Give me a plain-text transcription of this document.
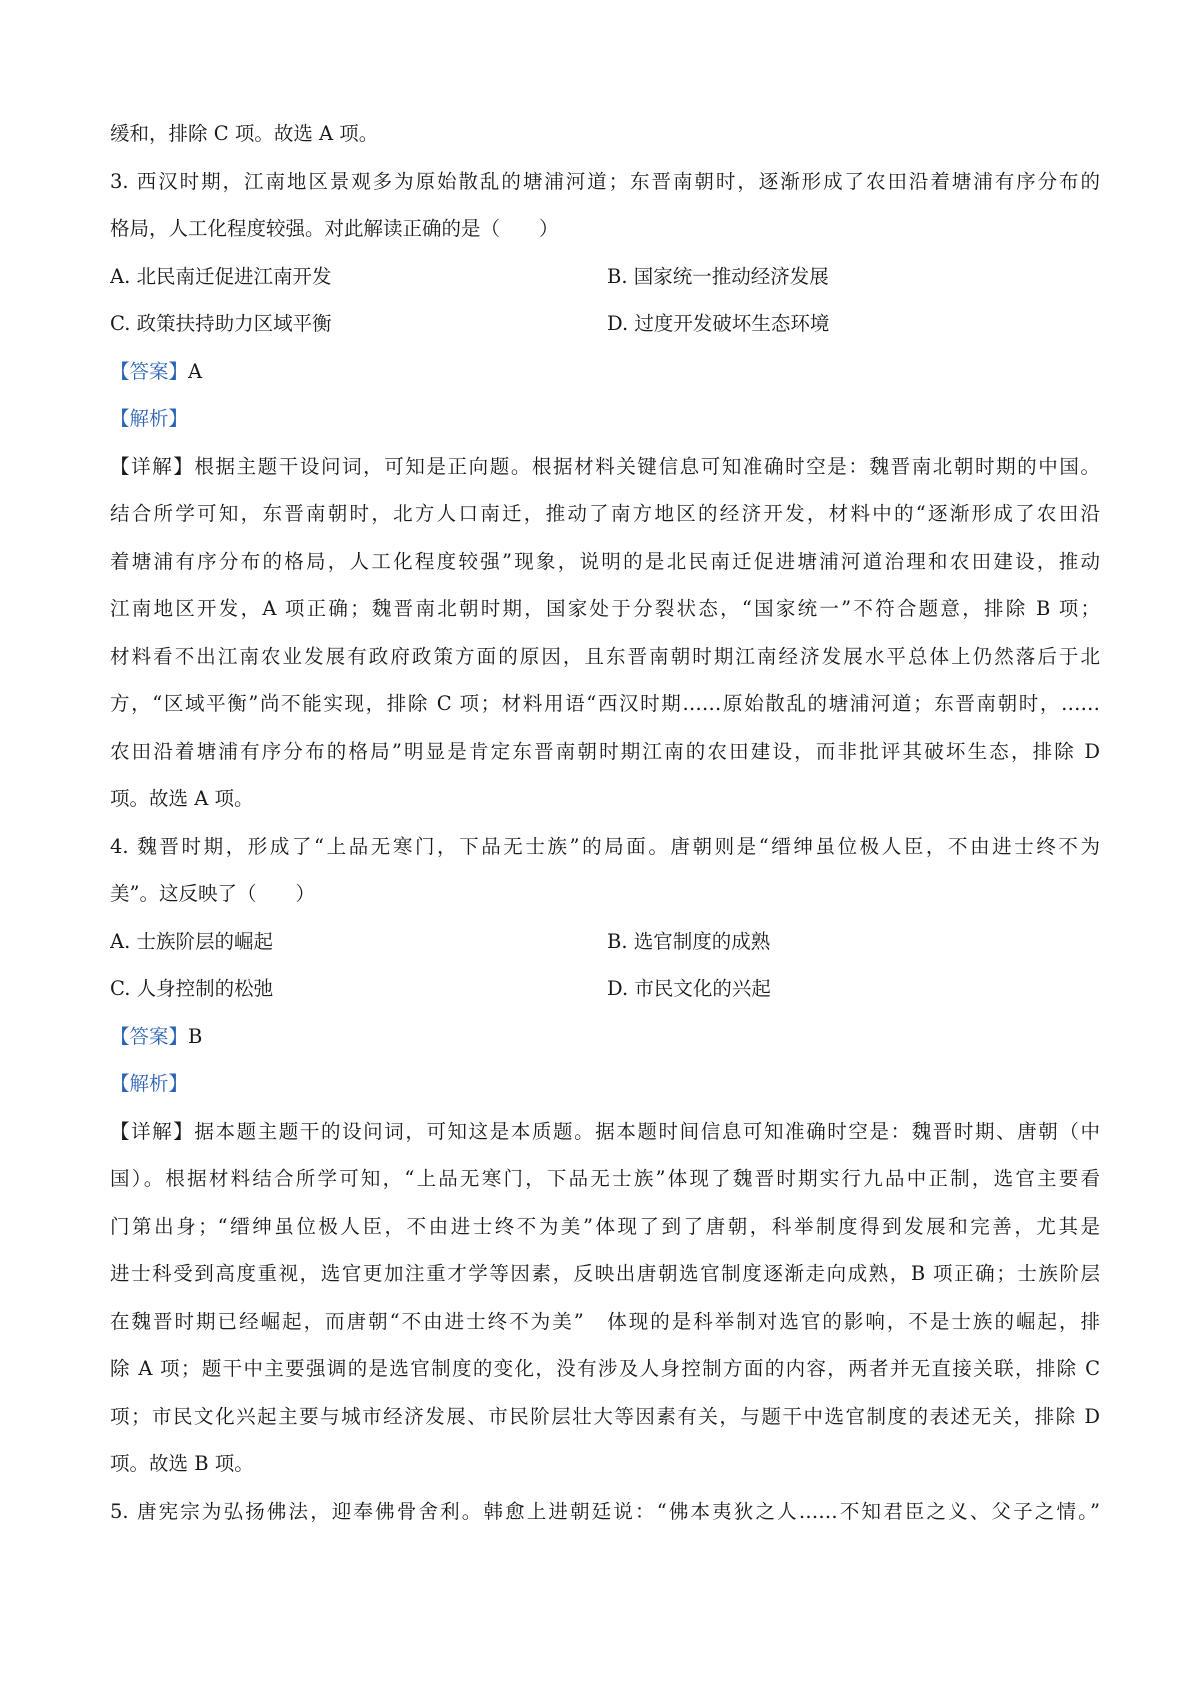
缓和，排除 C 项。故选 A 项。
3. 西汉时期，江南地区景观多为原始散乱的塘浦河道；东晋南朝时，逐渐形成了农田沿着塘浦有序分布的
格局，人工化程度较强。对此解读正确的是（　　）
A. 北民南迁促进江南开发	B. 国家统一推动经济发展
C. 政策扶持助力区域平衡	D. 过度开发破坏生态环境
【答案】A
【解析】
【详解】根据主题干设问词，可知是正向题。根据材料关键信息可知准确时空是：魏晋南北朝时期的中国。
结合所学可知，东晋南朝时，北方人口南迁，推动了南方地区的经济开发，材料中的“逐渐形成了农田沿
着塘浦有序分布的格局，人工化程度较强”现象，说明的是北民南迁促进塘浦河道治理和农田建设，推动
江南地区开发，A 项正确；魏晋南北朝时期，国家处于分裂状态，“国家统一”不符合题意，排除 B 项；
材料看不出江南农业发展有政府政策方面的原因，且东晋南朝时期江南经济发展水平总体上仍然落后于北
方，“区域平衡”尚不能实现，排除 C 项；材料用语“西汉时期……原始散乱的塘浦河道；东晋南朝时，……
农田沿着塘浦有序分布的格局”明显是肯定东晋南朝时期江南的农田建设，而非批评其破坏生态，排除 D
项。故选 A 项。
4. 魏晋时期，形成了“上品无寒门，下品无士族”的局面。唐朝则是“缙绅虽位极人臣，不由进士终不为
美”。这反映了（　　）
A. 士族阶层的崛起	B. 选官制度的成熟
C. 人身控制的松弛	D. 市民文化的兴起
【答案】B
【解析】
【详解】据本题主题干的设问词，可知这是本质题。据本题时间信息可知准确时空是：魏晋时期、唐朝（中
国）。根据材料结合所学可知，“上品无寒门，下品无士族”体现了魏晋时期实行九品中正制，选官主要看
门第出身；“缙绅虽位极人臣，不由进士终不为美”体现了到了唐朝，科举制度得到发展和完善，尤其是
进士科受到高度重视，选官更加注重才学等因素，反映出唐朝选官制度逐渐走向成熟，B 项正确；士族阶层
在魏晋时期已经崛起，而唐朝“不由进士终不为美”　体现的是科举制对选官的影响，不是士族的崛起，排
除 A 项；题干中主要强调的是选官制度的变化，没有涉及人身控制方面的内容，两者并无直接关联，排除 C
项；市民文化兴起主要与城市经济发展、市民阶层壮大等因素有关，与题干中选官制度的表述无关，排除 D
项。故选 B 项。
5. 唐宪宗为弘扬佛法，迎奉佛骨舍利。韩愈上进朝廷说：“佛本夷狄之人……不知君臣之义、父子之情。”
